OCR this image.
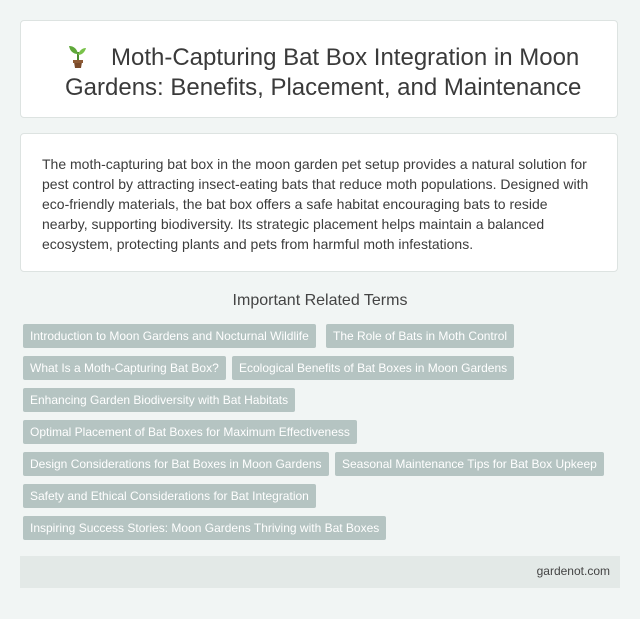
Moth-Capturing Bat Box Integration in Moon Gardens: Benefits, Placement, and Maintenance

The moth-capturing bat box in the moon garden pet setup provides a natural solution for pest control by attracting insect-eating bats that reduce moth populations. Designed with eco-friendly materials, the bat box offers a safe habitat encouraging bats to reside nearby, supporting biodiversity. Its strategic placement helps maintain a balanced ecosystem, protecting plants and pets from harmful moth infestations.

Important Related Terms
Introduction to Moon Gardens and Nocturnal Wildlife	The Role of Bats in Moth Control
What Is a Moth-Capturing Bat Box?	Ecological Benefits of Bat Boxes in Moon Gardens
Enhancing Garden Biodiversity with Bat Habitats
Optimal Placement of Bat Boxes for Maximum Effectiveness
Design Considerations for Bat Boxes in Moon Gardens	Seasonal Maintenance Tips for Bat Box Upkeep
Safety and Ethical Considerations for Bat Integration
Inspiring Success Stories: Moon Gardens Thriving with Bat Boxes
gardenot.com
